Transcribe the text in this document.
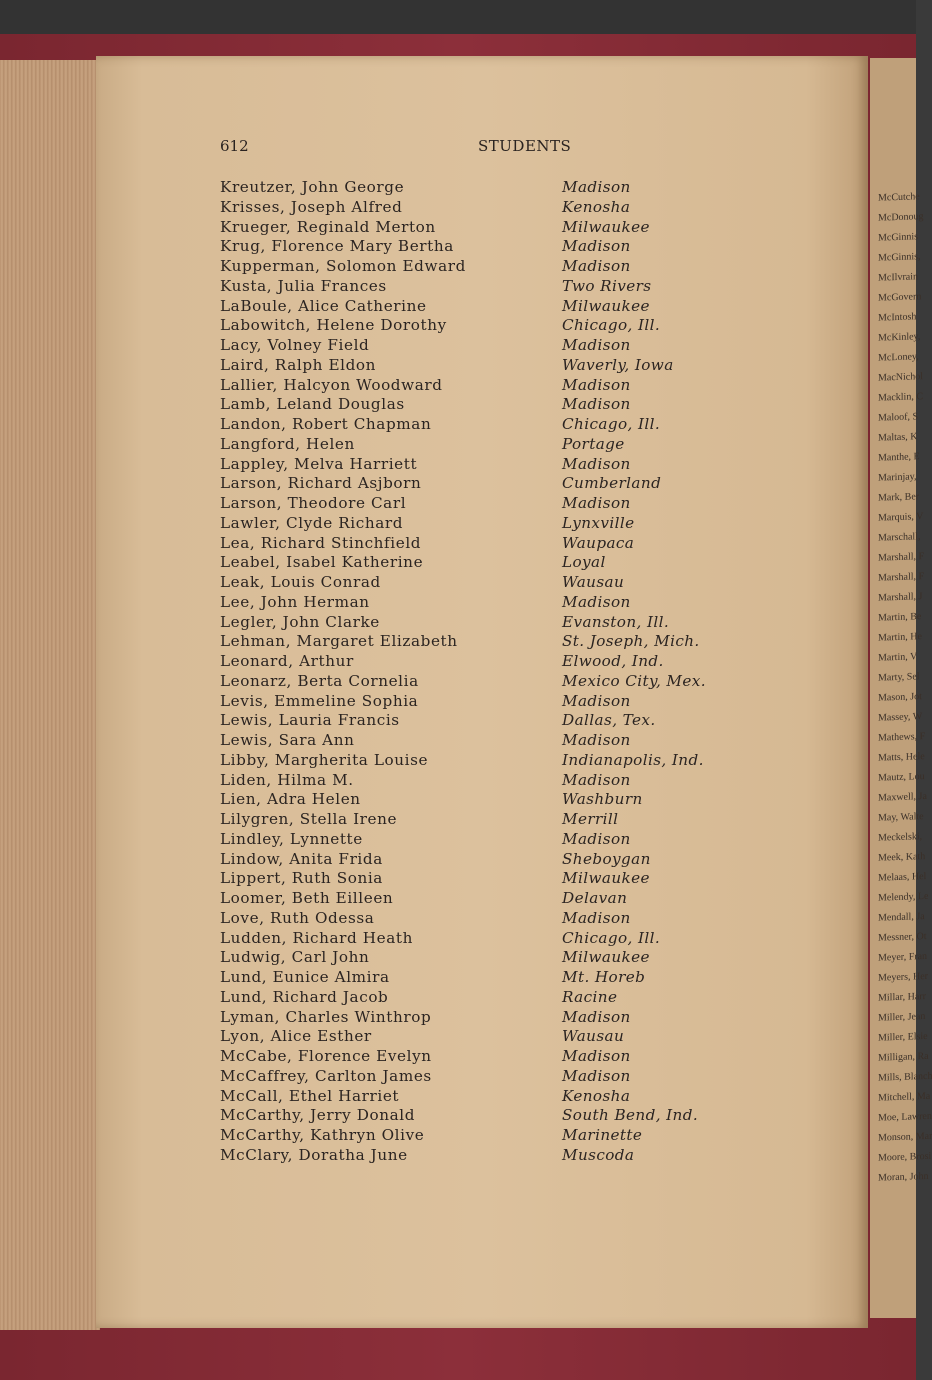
612	STUDENTS
Kreutzer, John George	Madison
Krisses, Joseph Alfred	Kenosha
Krueger, Reginald Merton	Milwaukee
Krug, Florence Mary Bertha	Madison
Kupperman, Solomon Edward	Madison
Kusta, Julia Frances	Two Rivers
LaBoule, Alice Catherine	Milwaukee
Labowitch, Helene Dorothy	Chicago, Ill.
Lacy, Volney Field	Madison
Laird, Ralph Eldon	Waverly, Iowa
Lallier, Halcyon Woodward	Madison
Lamb, Leland Douglas	Madison
Landon, Robert Chapman	Chicago, Ill.
Langford, Helen	Portage
Lappley, Melva Harriett	Madison
Larson, Richard Asjborn	Cumberland
Larson, Theodore Carl	Madison
Lawler, Clyde Richard	Lynxville
Lea, Richard Stinchfield	Waupaca
Leabel, Isabel Katherine	Loyal
Leak, Louis Conrad	Wausau
Lee, John Herman	Madison
Legler, John Clarke	Evanston, Ill.
Lehman, Margaret Elizabeth	St. Joseph, Mich.
Leonard, Arthur	Elwood, Ind.
Leonarz, Berta Cornelia	Mexico City, Mex.
Levis, Emmeline Sophia	Madison
Lewis, Lauria Francis	Dallas, Tex.
Lewis, Sara Ann	Madison
Libby, Margherita Louise	Indianapolis, Ind.
Liden, Hilma M.	Madison
Lien, Adra Helen	Washburn
Lilygren, Stella Irene	Merrill
Lindley, Lynnette	Madison
Lindow, Anita Frida	Sheboygan
Lippert, Ruth Sonia	Milwaukee
Loomer, Beth Eilleen	Delavan
Love, Ruth Odessa	Madison
Ludden, Richard Heath	Chicago, Ill.
Ludwig, Carl John	Milwaukee
Lund, Eunice Almira	Mt. Horeb
Lund, Richard Jacob	Racine
Lyman, Charles Winthrop	Madison
Lyon, Alice Esther	Wausau
McCabe, Florence Evelyn	Madison
McCaffrey, Carlton James	Madison
McCall, Ethel Harriet	Kenosha
McCarthy, Jerry Donald	South Bend, Ind.
McCarthy, Kathryn Olive	Marinette
McClary, Doratha June	Muscoda
McCutche
McDonoug
McGinnis
McGinnis,
McIlvrain
McGovern
McIntosh
McKinley,
McLoney,
MacNichol
Macklin, C
Maloof, S
Maltas, K
Manthe, E
Marinjay,
Mark, Ber
Marquis, V
Marschall,
Marshall, F
Marshall, F
Marshall, J
Martin, Be
Martin, He
Martin, V
Marty, Sel
Mason, Jot
Massey, W
Mathews, F
Matts, Hele
Mautz, Lou
Maxwell, Ja
May, Walte
Meckelski,
Meek, Kath
Melaas, Hel
Melendy, Le
Mendall, Ja
Messner, Ot
Meyer, Fran
Meyers, Her
Millar, Harr
Miller, Jean
Miller, Elsie
Milligan, Ra
Mills, Blanch
Mitchell, Ma
Moe, Lawren
Monson, Mar
Moore, Brosi
Moran, John
